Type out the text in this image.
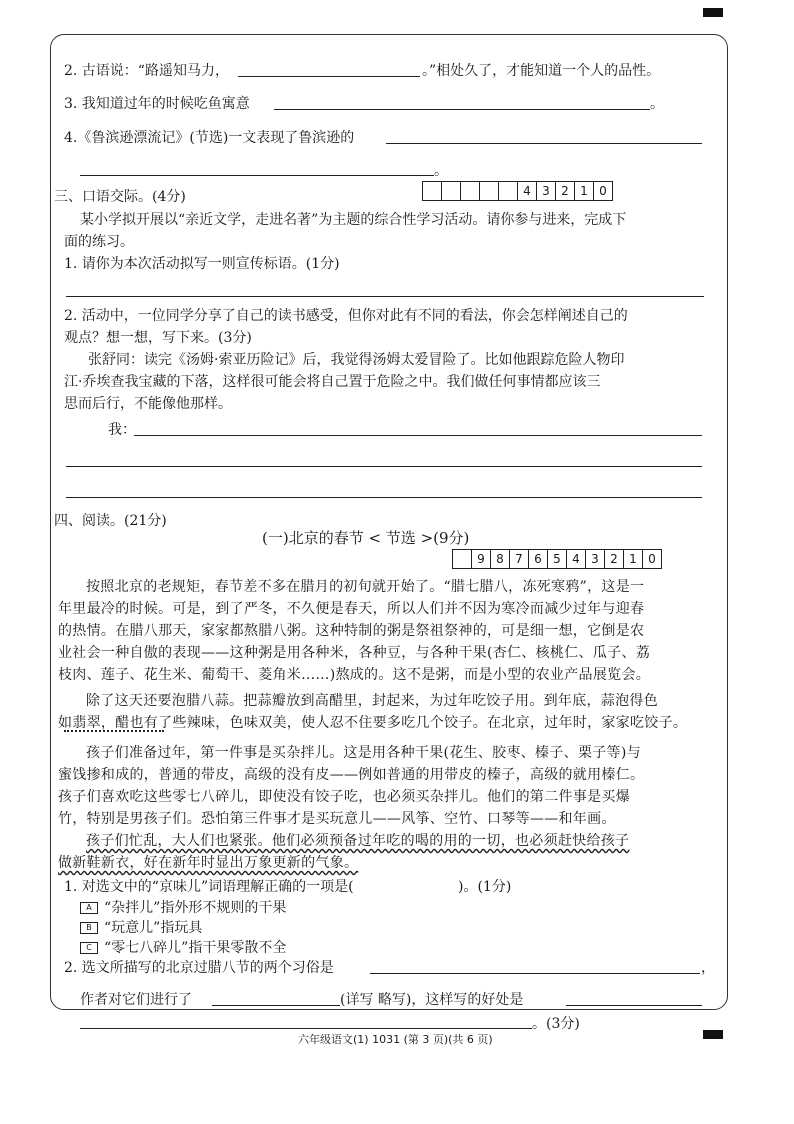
2. 古语说：“路遥知马力，	。”相处久了，才能知道一个人的品性。
3. 我知道过年的时候吃鱼寓意	。
4.《鲁滨逊漂流记》(节选)一文表现了鲁滨逊的
。
三、口语交际。(4分)	4 3 2 1 0
某小学拟开展以“亲近文学，走进名著”为主题的综合性学习活动。请你参与进来，完成下
面的练习。
1. 请你为本次活动拟写一则宣传标语。(1分)
2. 活动中，一位同学分享了自己的读书感受，但你对此有不同的看法，你会怎样阐述自己的
观点？想一想，写下来。(3分)
张舒同：读完《汤姆·索亚历险记》后，我觉得汤姆太爱冒险了。比如他跟踪危险人物印
江·乔埃查我宝藏的下落，这样很可能会将自己置于危险之中。我们做任何事情都应该三
思而后行，不能像他那样。
我：
四、阅读。(21分)
(一)北京的春节 < 节选 >(9分)
9 8 7 6 5 4 3 2 1 0
按照北京的老规矩，春节差不多在腊月的初旬就开始了。“腊七腊八，冻死寒鸦”，这是一
年里最冷的时候。可是，到了严冬，不久便是春天，所以人们并不因为寒冷而减少过年与迎春
的热情。在腊八那天，家家都熬腊八粥。这种特制的粥是祭祖祭神的，可是细一想，它倒是农
业社会一种自傲的表现——这种粥是用各种米，各种豆，与各种干果(杏仁、核桃仁、瓜子、荔
枝肉、莲子、花生米、葡萄干、菱角米……)熬成的。这不是粥，而是小型的农业产品展览会。
除了这天还要泡腊八蒜。把蒜瓣放到高醋里，封起来，为过年吃饺子用。到年底，蒜泡得色
如翡翠，醋也有了些辣味，色味双美，使人忍不住要多吃几个饺子。在北京，过年时，家家吃饺子。
孩子们准备过年，第一件事是买杂拌儿。这是用各种干果(花生、胶枣、榛子、栗子等)与
蜜饯掺和成的，普通的带皮，高级的没有皮——例如普通的用带皮的榛子，高级的就用榛仁。
孩子们喜欢吃这些零七八碎儿，即使没有饺子吃，也必须买杂拌儿。他们的第二件事是买爆
竹，特别是男孩子们。恐怕第三件事才是买玩意儿——风筝、空竹、口琴等——和年画。
孩子们忙乱，大人们也紧张。他们必须预备过年吃的喝的用的一切，也必须赶快给孩子
做新鞋新衣，好在新年时显出万象更新的气象。
1. 对选文中的“京味儿”词语理解正确的一项是(	)。(1分)
A “杂拌儿”指外形不规则的干果
B “玩意儿”指玩具
C “零七八碎儿”指干果零散不全
2. 选文所描写的北京过腊八节的两个习俗是	，
作者对它们进行了	(详写 略写)，这样写的好处是
。(3分)
六年级语文(1) 1031 (第 3 页)(共 6 页)
